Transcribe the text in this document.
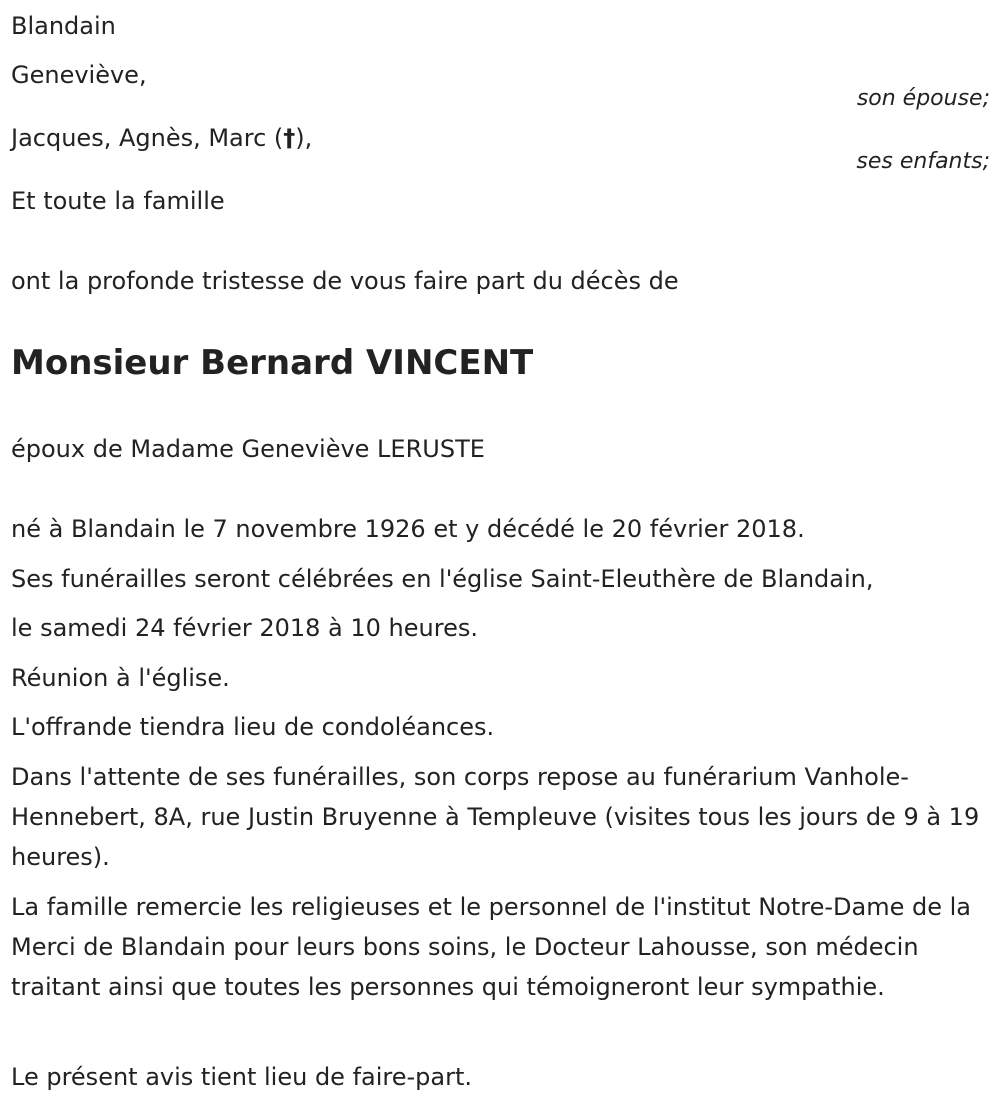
Blandain

Geneviève,

son épouse;

Jacques, Agnès, Marc (†),

ses enfants;

Et toute la famille

ont la profonde tristesse de vous faire part du décès de

Monsieur Bernard VINCENT

époux de Madame Geneviève LERUSTE

né à Blandain le 7 novembre 1926 et y décédé le 20 février 2018.

Ses funérailles seront célébrées en l'église Saint-Eleuthère de Blandain,

le samedi 24 février 2018 à 10 heures.

Réunion à l'église.

L'offrande tiendra lieu de condoléances.

Dans l'attente de ses funérailles, son corps repose au funérarium Vanhole-Hennebert, 8A, rue Justin Bruyenne à Templeuve (visites tous les jours de 9 à 19 heures).

La famille remercie les religieuses et le personnel de l'institut Notre-Dame de la Merci de Blandain pour leurs bons soins, le Docteur Lahousse, son médecin traitant ainsi que toutes les personnes qui témoigneront leur sympathie.

Le présent avis tient lieu de faire-part.
